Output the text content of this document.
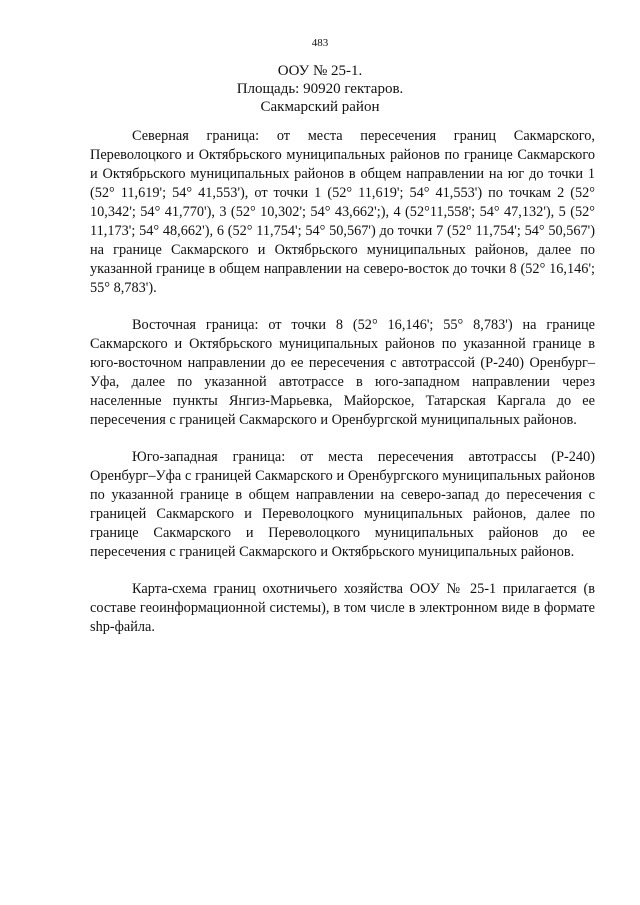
483
ООУ № 25-1.
Площадь: 90920 гектаров.
Сакмарский район

Северная граница: от места пересечения границ Сакмарского, Переволоцкого и Октябрьского муниципальных районов по границе Сакмарского и Октябрьского муниципальных районов в общем направлении на юг до точки 1 (52° 11,619'; 54° 41,553'), от точки 1 (52° 11,619'; 54° 41,553') по точкам 2 (52° 10,342'; 54° 41,770'), 3 (52° 10,302'; 54° 43,662';), 4 (52°11,558'; 54° 47,132'), 5 (52° 11,173'; 54° 48,662'), 6 (52° 11,754'; 54° 50,567') до точки 7 (52° 11,754'; 54° 50,567') на границе Сакмарского и Октябрьского муниципальных районов, далее по указанной границе в общем направлении на северо-восток до точки 8 (52° 16,146'; 55° 8,783').

Восточная граница: от точки 8 (52° 16,146'; 55° 8,783') на границе Сакмарского и Октябрьского муниципальных районов по указанной границе в юго-восточном направлении до ее пересечения с автотрассой (Р-240) Оренбург–Уфа, далее по указанной автотрассе в юго-западном направлении через населенные пункты Янгиз-Марьевка, Майорское, Татарская Каргала до ее пересечения с границей Сакмарского и Оренбургской муниципальных районов.

Юго-западная граница: от места пересечения автотрассы (Р-240) Оренбург–Уфа с границей Сакмарского и Оренбургского муниципальных районов по указанной границе в общем направлении на северо-запад до пересечения с границей Сакмарского и Переволоцкого муниципальных районов, далее по границе Сакмарского и Переволоцкого муниципальных районов до ее пересечения с границей Сакмарского и Октябрьского муниципальных районов.

Карта-схема границ охотничьего хозяйства ООУ № 25-1 прилагается (в составе геоинформационной системы), в том числе в электронном виде в формате shp-файла.
